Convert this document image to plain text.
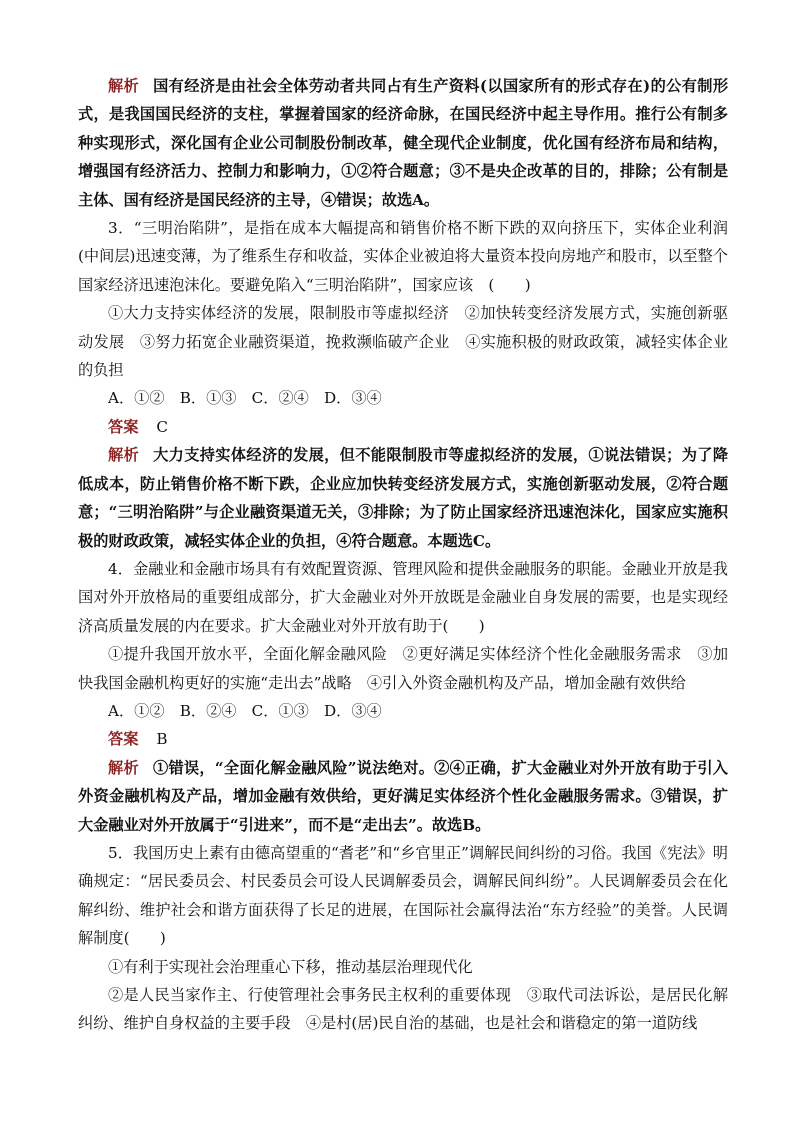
解析 国有经济是由社会全体劳动者共同占有生产资料(以国家所有的形式存在)的公有制形式，是我国国民经济的支柱，掌握着国家的经济命脉，在国民经济中起主导作用。推行公有制多种实现形式，深化国有企业公司制股份制改革，健全现代企业制度，优化国有经济布局和结构，增强国有经济活力、控制力和影响力，①②符合题意；③不是央企改革的目的，排除；公有制是主体、国有经济是国民经济的主导，④错误；故选A。

3．“三明治陷阱”，是指在成本大幅提高和销售价格不断下跌的双向挤压下，实体企业利润(中间层)迅速变薄，为了维系生存和收益，实体企业被迫将大量资本投向房地产和股市，以至整个国家经济迅速泡沫化。要避免陷入“三明治陷阱”，国家应该　(　　)

①大力支持实体经济的发展，限制股市等虚拟经济　②加快转变经济发展方式，实施创新驱动发展　③努力拓宽企业融资渠道，挽救濒临破产企业　④实施积极的财政政策，减轻实体企业的负担

A．①②　B．①③　C．②④　D．③④

答案 C

解析 大力支持实体经济的发展，但不能限制股市等虚拟经济的发展，①说法错误；为了降低成本，防止销售价格不断下跌，企业应加快转变经济发展方式，实施创新驱动发展，②符合题意；“三明治陷阱”与企业融资渠道无关，③排除；为了防止国家经济迅速泡沫化，国家应实施积极的财政政策，减轻实体企业的负担，④符合题意。本题选C。

4．金融业和金融市场具有有效配置资源、管理风险和提供金融服务的职能。金融业开放是我国对外开放格局的重要组成部分，扩大金融业对外开放既是金融业自身发展的需要，也是实现经济高质量发展的内在要求。扩大金融业对外开放有助于(　　)

①提升我国开放水平，全面化解金融风险　②更好满足实体经济个性化金融服务需求　③加快我国金融机构更好的实施“走出去”战略　④引入外资金融机构及产品，增加金融有效供给

A．①②　B．②④　C．①③　D．③④

答案 B

解析 ①错误，“全面化解金融风险”说法绝对。②④正确，扩大金融业对外开放有助于引入外资金融机构及产品，增加金融有效供给，更好满足实体经济个性化金融服务需求。③错误，扩大金融业对外开放属于“引进来”，而不是“走出去”。故选B。

5．我国历史上素有由德高望重的“耆老”和“乡官里正”调解民间纠纷的习俗。我国《宪法》明确规定：“居民委员会、村民委员会可设人民调解委员会，调解民间纠纷”。人民调解委员会在化解纠纷、维护社会和谐方面获得了长足的进展，在国际社会赢得法治“东方经验”的美誉。人民调解制度(　　)

①有利于实现社会治理重心下移，推动基层治理现代化

②是人民当家作主、行使管理社会事务民主权利的重要体现　③取代司法诉讼，是居民化解纠纷、维护自身权益的主要手段　④是村(居)民自治的基础，也是社会和谐稳定的第一道防线
